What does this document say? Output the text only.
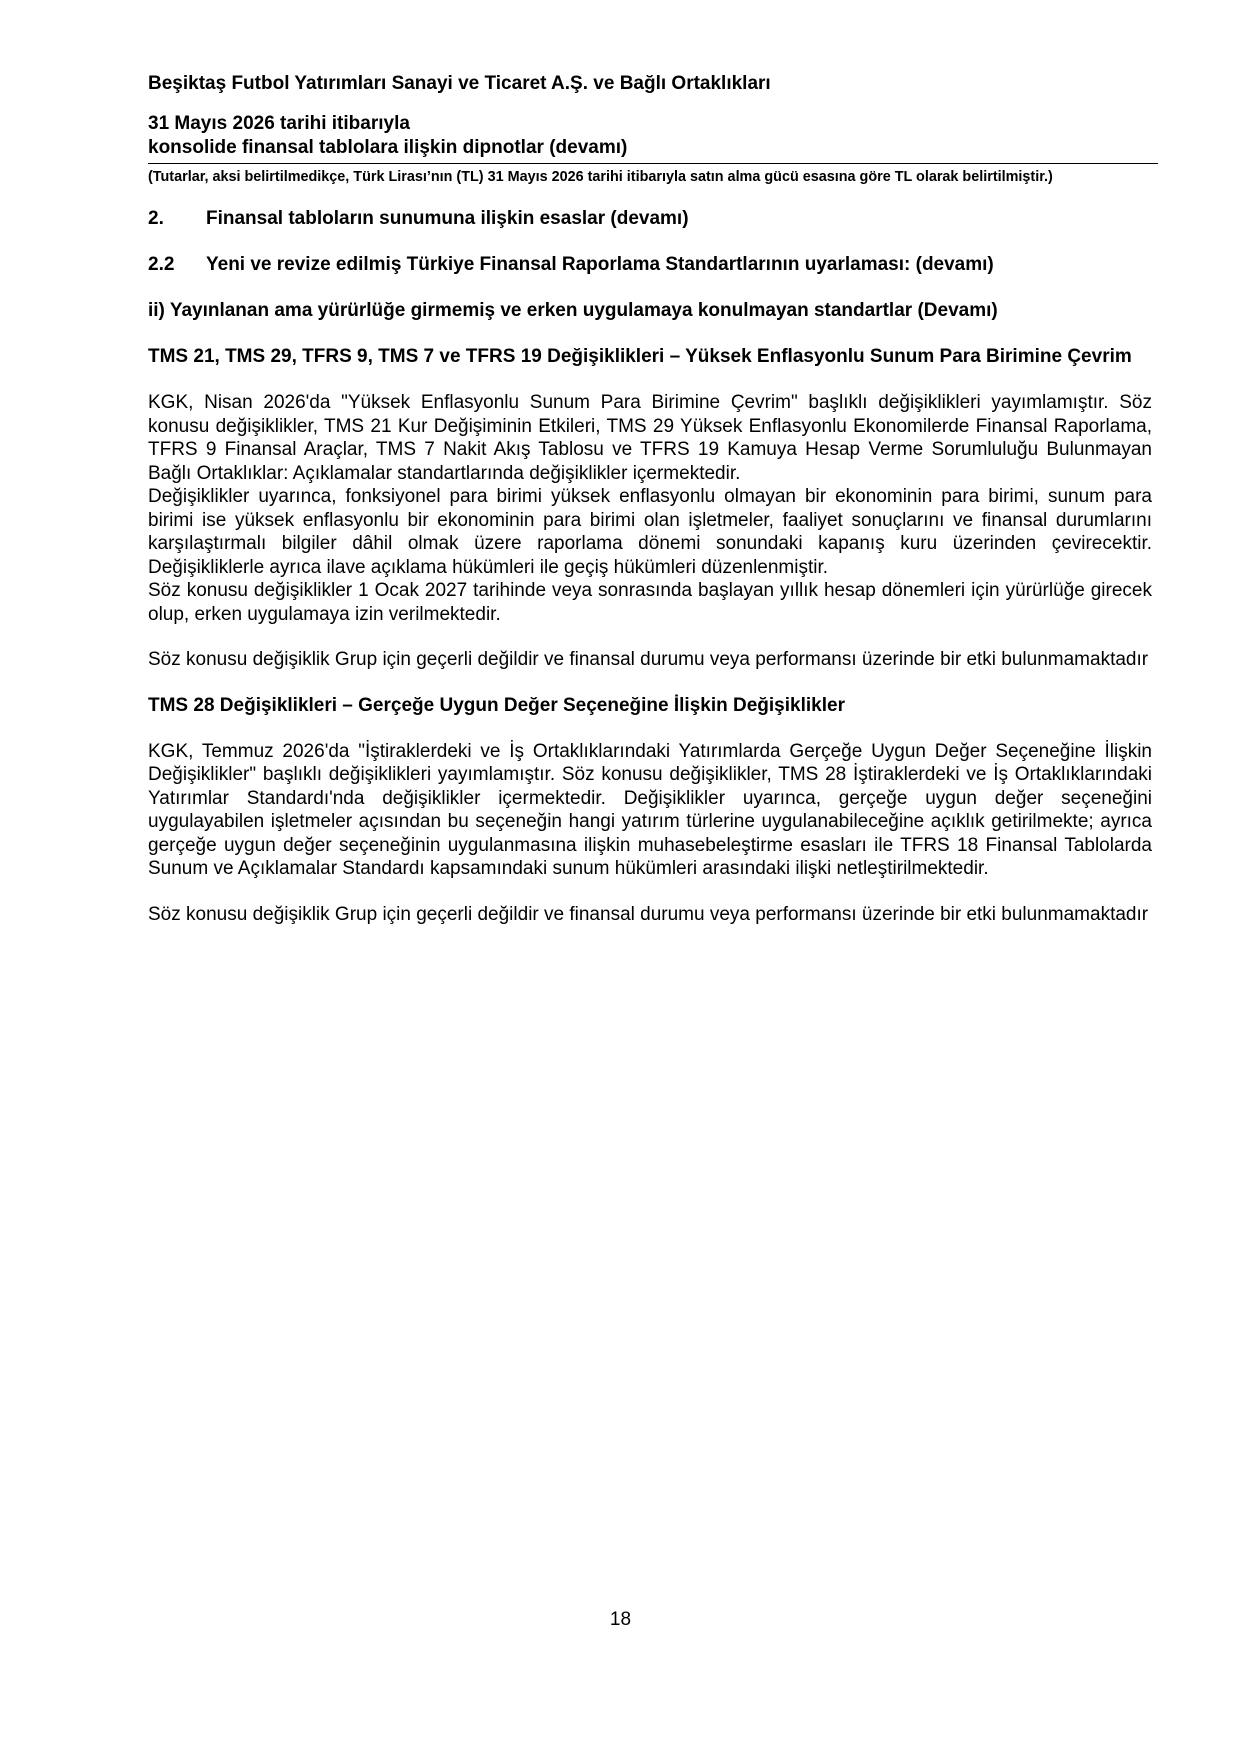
Beşiktaş Futbol Yatırımları Sanayi ve Ticaret A.Ş. ve Bağlı Ortaklıkları

31 Mayıs 2026 tarihi itibarıyla

konsolide finansal tablolara ilişkin dipnotlar (devamı)

(Tutarlar, aksi belirtilmedikçe, Türk Lirası’nın (TL) 31 Mayıs 2026 tarihi itibarıyla satın alma gücü esasına göre TL olarak belirtilmiştir.)

2.	Finansal tabloların sunumuna ilişkin esaslar (devamı)

2.2	Yeni ve revize edilmiş Türkiye Finansal Raporlama Standartlarının uyarlaması: (devamı)

ii) Yayınlanan ama yürürlüğe girmemiş ve erken uygulamaya konulmayan standartlar (Devamı)

TMS 21, TMS 29, TFRS 9, TMS 7 ve TFRS 19 Değişiklikleri – Yüksek Enflasyonlu Sunum Para Birimine Çevrim

KGK, Nisan 2026'da "Yüksek Enflasyonlu Sunum Para Birimine Çevrim" başlıklı değişiklikleri yayımlamıştır. Söz konusu değişiklikler, TMS 21 Kur Değişiminin Etkileri, TMS 29 Yüksek Enflasyonlu Ekonomilerde Finansal Raporlama, TFRS 9 Finansal Araçlar, TMS 7 Nakit Akış Tablosu ve TFRS 19 Kamuya Hesap Verme Sorumluluğu Bulunmayan Bağlı Ortaklıklar: Açıklamalar standartlarında değişiklikler içermektedir.

Değişiklikler uyarınca, fonksiyonel para birimi yüksek enflasyonlu olmayan bir ekonominin para birimi, sunum para birimi ise yüksek enflasyonlu bir ekonominin para birimi olan işletmeler, faaliyet sonuçlarını ve finansal durumlarını karşılaştırmalı bilgiler dâhil olmak üzere raporlama dönemi sonundaki kapanış kuru üzerinden çevirecektir. Değişikliklerle ayrıca ilave açıklama hükümleri ile geçiş hükümleri düzenlenmiştir.

Söz konusu değişiklikler 1 Ocak 2027 tarihinde veya sonrasında başlayan yıllık hesap dönemleri için yürürlüğe girecek olup, erken uygulamaya izin verilmektedir.

Söz konusu değişiklik Grup için geçerli değildir ve finansal durumu veya performansı üzerinde bir etki bulunmamaktadır

TMS 28 Değişiklikleri – Gerçeğe Uygun Değer Seçeneğine İlişkin Değişiklikler

KGK, Temmuz 2026'da "İştiraklerdeki ve İş Ortaklıklarındaki Yatırımlarda Gerçeğe Uygun Değer Seçeneğine İlişkin Değişiklikler" başlıklı değişiklikleri yayımlamıştır. Söz konusu değişiklikler, TMS 28 İştiraklerdeki ve İş Ortaklıklarındaki Yatırımlar Standardı'nda değişiklikler içermektedir. Değişiklikler uyarınca, gerçeğe uygun değer seçeneğini uygulayabilen işletmeler açısından bu seçeneğin hangi yatırım türlerine uygulanabileceğine açıklık getirilmekte; ayrıca gerçeğe uygun değer seçeneğinin uygulanmasına ilişkin muhasebeleştirme esasları ile TFRS 18 Finansal Tablolarda Sunum ve Açıklamalar Standardı kapsamındaki sunum hükümleri arasındaki ilişki netleştirilmektedir.

Söz konusu değişiklik Grup için geçerli değildir ve finansal durumu veya performansı üzerinde bir etki bulunmamaktadır

18
